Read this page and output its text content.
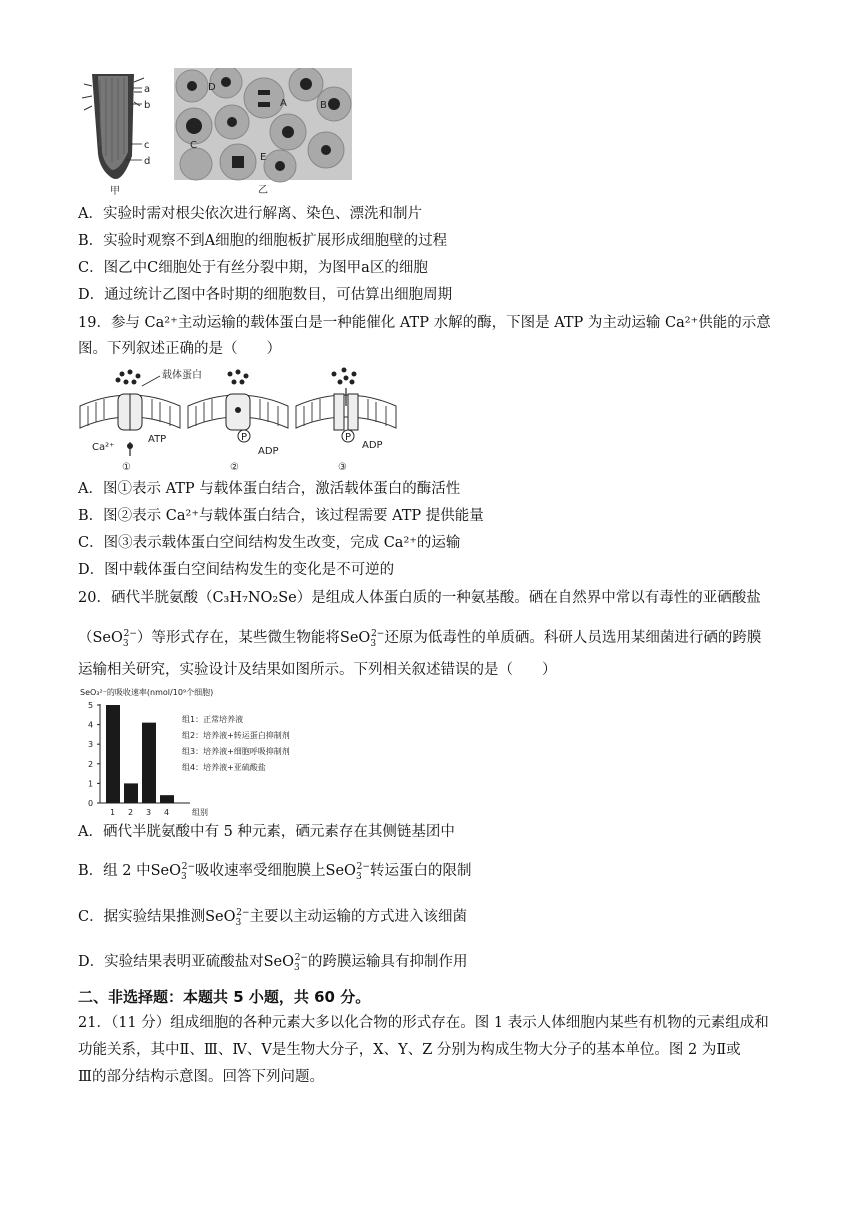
a
b
c
d
甲
D
A	B
C
E
乙
A．实验时需对根尖依次进行解离、染色、漂洗和制片
B．实验时观察不到A细胞的细胞板扩展形成细胞壁的过程
C．图乙中C细胞处于有丝分裂中期，为图甲a区的细胞
D．通过统计乙图中各时期的细胞数目，可估算出细胞周期
19．参与 Ca²⁺主动运输的载体蛋白是一种能催化 ATP 水解的酶，下图是 ATP 为主动运输 Ca²⁺供能的示意
图。下列叙述正确的是（　　）
载体蛋白
Ca²⁺
ATP
①
P
ADP
②
P
ADP
③
A．图①表示 ATP 与载体蛋白结合，激活载体蛋白的酶活性
B．图②表示 Ca²⁺与载体蛋白结合，该过程需要 ATP 提供能量
C．图③表示载体蛋白空间结构发生改变，完成 Ca²⁺的运输
D．图中载体蛋白空间结构发生的变化是不可逆的
20．硒代半胱氨酸（C₃H₇NO₂Se）是组成人体蛋白质的一种氨基酸。硒在自然界中常以有毒性的亚硒酸盐
（SeO$_3^{2-}$）等形式存在，某些微生物能将SeO$_3^{2-}$还原为低毒性的单质硒。科研人员选用某细菌进行硒的跨膜
运输相关研究，实验设计及结果如图所示。下列相关叙述错误的是（　　）
SeO₃²⁻的吸收速率(nmol/10⁹个细胞)
0
1
2
3
4
5
1 2 3 4	组别
组1：正常培养液
组2：培养液+转运蛋白抑制剂
组3：培养液+细胞呼吸抑制剂
组4：培养液+亚硫酸盐
A．硒代半胱氨酸中有 5 种元素，硒元素存在其侧链基团中
B．组 2 中SeO$_3^{2-}$吸收速率受细胞膜上SeO$_3^{2-}$转运蛋白的限制
C．据实验结果推测SeO$_3^{2-}$主要以主动运输的方式进入该细菌
D．实验结果表明亚硫酸盐对SeO$_3^{2-}$的跨膜运输具有抑制作用
二、非选择题：本题共 5 小题，共 60 分。
21．（11 分）组成细胞的各种元素大多以化合物的形式存在。图 1 表示人体细胞内某些有机物的元素组成和
功能关系，其中Ⅱ、Ⅲ、Ⅳ、Ⅴ是生物大分子，X、Y、Z 分别为构成生物大分子的基本单位。图 2 为Ⅱ或
Ⅲ的部分结构示意图。回答下列问题。
